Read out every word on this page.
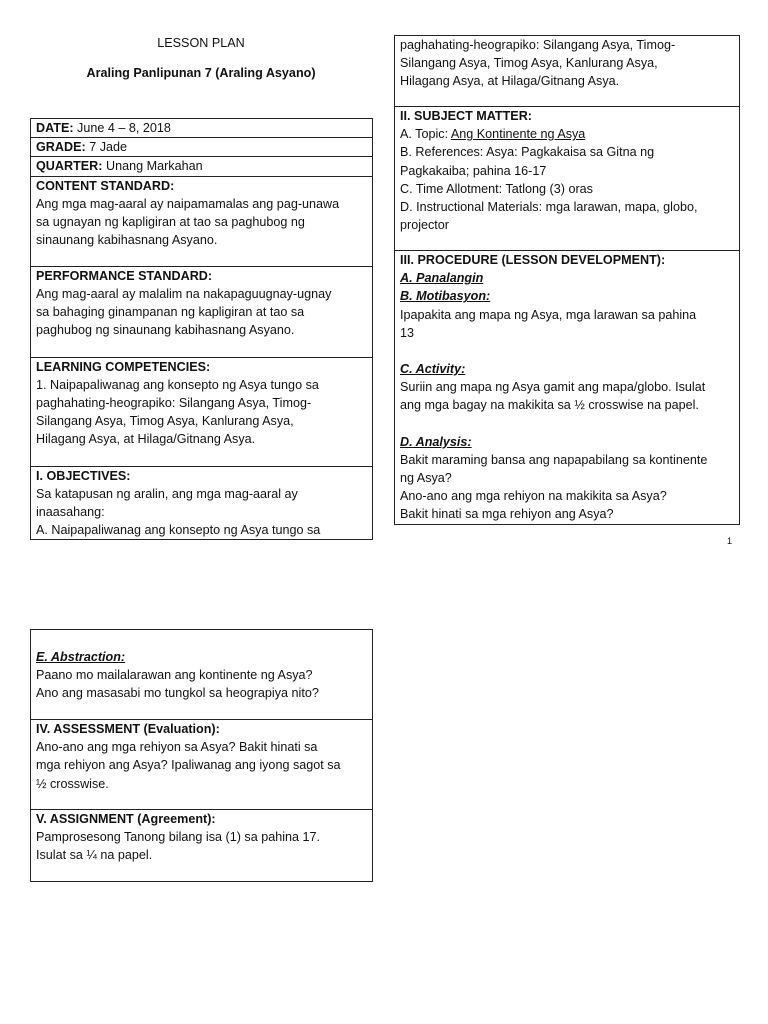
LESSON PLAN
Araling Panlipunan 7 (Araling Asyano)
DATE: June 4 – 8, 2018
GRADE: 7 Jade
QUARTER: Unang Markahan

CONTENT STANDARD:
Ang mga mag-aaral ay naipamamalas ang pag-unawa
sa ugnayan ng kapligiran at tao sa paghubog ng
sinaunang kabihasnang Asyano.

PERFORMANCE STANDARD:
Ang mag-aaral ay malalim na nakapaguugnay-ugnay
sa bahaging ginampanan ng kapligiran at tao sa
paghubog ng sinaunang kabihasnang Asyano.

LEARNING COMPETENCIES:
1. Naipapaliwanag ang konsepto ng Asya tungo sa
paghahating-heograpiko: Silangang Asya, Timog-
Silangang Asya, Timog Asya, Kanlurang Asya,
Hilagang Asya, at Hilaga/Gitnang Asya.

I. OBJECTIVES:
Sa katapusan ng aralin, ang mga mag-aaral ay
inaasahang:
A. Naipapaliwanag ang konsepto ng Asya tungo sa
paghahating-heograpiko: Silangang Asya, Timog-
Silangang Asya, Timog Asya, Kanlurang Asya,
Hilagang Asya, at Hilaga/Gitnang Asya.

II. SUBJECT MATTER:
A. Topic: Ang Kontinente ng Asya
B. References: Asya: Pagkakaisa sa Gitna ng
Pagkakaiba; pahina 16-17
C. Time Allotment: Tatlong (3) oras
D. Instructional Materials: mga larawan, mapa, globo,
projector

III. PROCEDURE (LESSON DEVELOPMENT):
A. Panalangin
B. Motibasyon:
Ipapakita ang mapa ng Asya, mga larawan sa pahina
13
C. Activity:
Suriin ang mapa ng Asya gamit ang mapa/globo. Isulat
ang mga bagay na makikita sa ½ crosswise na papel.
D. Analysis:
Bakit maraming bansa ang napapabilang sa kontinente
ng Asya?
Ano-ano ang mga rehiyon na makikita sa Asya?
Bakit hinati sa mga rehiyon ang Asya?
1
E. Abstraction:
Paano mo mailalarawan ang kontinente ng Asya?
Ano ang masasabi mo tungkol sa heograpiya nito?

IV. ASSESSMENT (Evaluation):
Ano-ano ang mga rehiyon sa Asya? Bakit hinati sa
mga rehiyon ang Asya? Ipaliwanag ang iyong sagot sa
½ crosswise.

V. ASSIGNMENT (Agreement):
Pamprosesong Tanong bilang isa (1) sa pahina 17.
Isulat sa ¼ na papel.
